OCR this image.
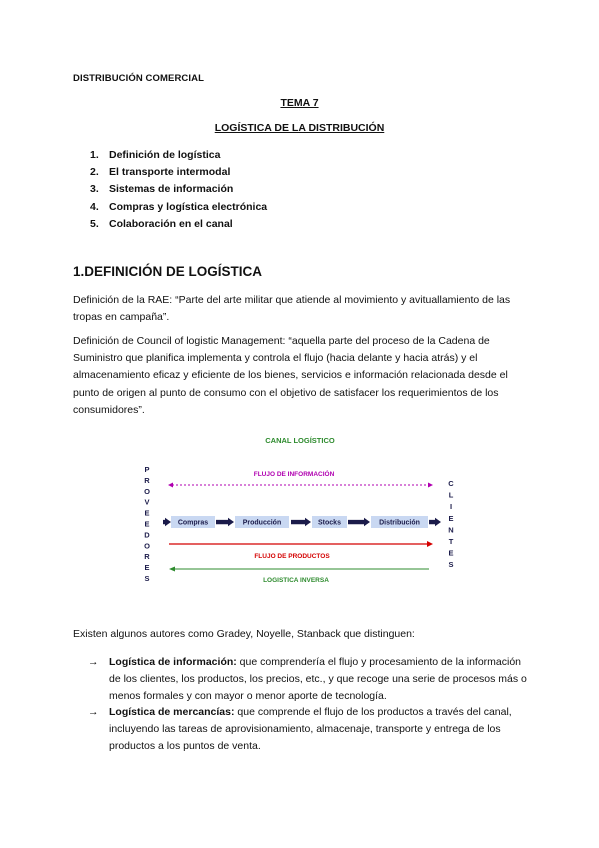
DISTRIBUCIÓN COMERCIAL
TEMA 7
LOGÍSTICA DE LA DISTRIBUCIÓN
1. Definición de logística
2. El transporte intermodal
3. Sistemas de información
4. Compras y logística electrónica
5. Colaboración en el canal
1.DEFINICIÓN DE LOGÍSTICA

Definición de la RAE: “Parte del arte militar que atiende al movimiento y avituallamiento de las tropas en campaña”.

Definición de Council of logistic Management: “aquella parte del proceso de la Cadena de Suministro que planifica implementa y controla el flujo (hacia delante y hacia atrás) y el almacenamiento eficaz y eficiente de los bienes, servicios e información relacionada desde el punto de origen al punto de consumo con el objetivo de satisfacer los requerimientos de los consumidores”.

CANAL LOGÍSTICO
FLUJO DE INFORMACIÓN
P
R
O
V
E
E
D
O
R
E
S
C
L
I
E
N
T
E
S
Compras	Producción	Stocks	Distribución
FLUJO DE PRODUCTOS
LOGISTICA INVERSA

Existen algunos autores como Gradey, Noyelle, Stanback que distinguen:

→ Logística de información: que comprendería el flujo y procesamiento de la información de los clientes, los productos, los precios, etc., y que recoge una serie de procesos más o menos formales y con mayor o menor aporte de tecnología.
→ Logística de mercancías: que comprende el flujo de los productos a través del canal, incluyendo las tareas de aprovisionamiento, almacenaje, transporte y entrega de los productos a los puntos de venta.
